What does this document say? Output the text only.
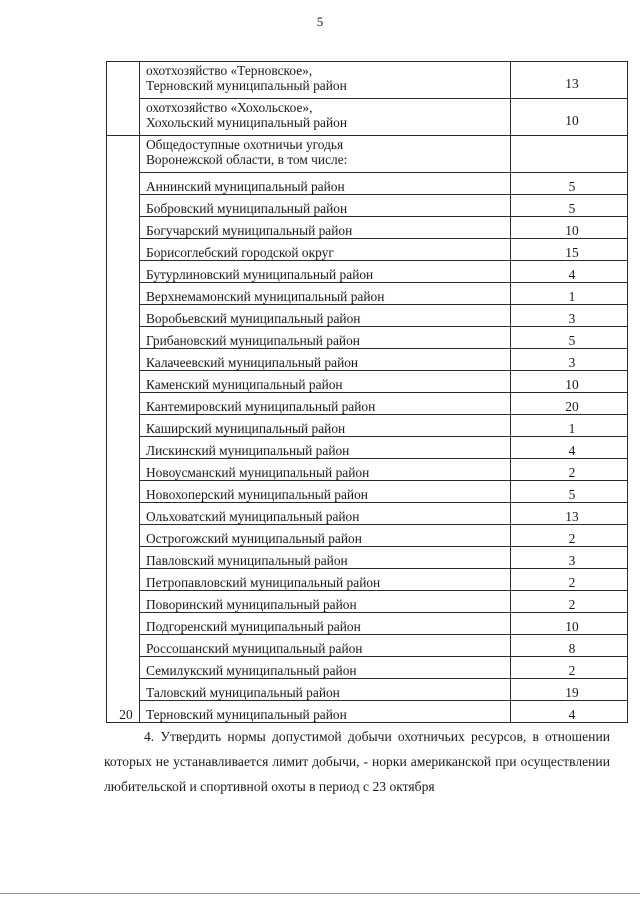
5

	охотхозяйство «Терновское»,
Терновский муниципальный район	13

	охотхозяйство «Хохольское»,
Хохольский муниципальный район	10
20	Общедоступные охотничьи угодья
Воронежской области, в том числе:	

	Аннинский муниципальный район	5
	Бобровский муниципальный район	5
	Богучарский муниципальный район	10
	Борисоглебский городской округ	15
	Бутурлиновский муниципальный район	4
	Верхнемамонский муниципальный район	1
	Воробьевский муниципальный район	3
	Грибановский муниципальный район	5
	Калачеевский муниципальный район	3
	Каменский муниципальный район	10
	Кантемировский муниципальный район	20
	Каширский муниципальный район	1
	Лискинский муниципальный район	4
	Новоусманский муниципальный район	2
	Новохоперский муниципальный район	5
	Ольховатский муниципальный район	13
	Острогожский муниципальный район	2
	Павловский муниципальный район	3
	Петропавловский муниципальный район	2
	Поворинский муниципальный район	2
	Подгоренский муниципальный район	10
	Россошанский муниципальный район	8
	Семилукский муниципальный район	2
	Таловский муниципальный район	19
	Терновский муниципальный район	4
4. Утвердить нормы допустимой добычи охотничьих ресурсов, в отношении которых не устанавливается лимит добычи, - норки американской при осуществлении любительской и спортивной охоты в период с 23 октября
